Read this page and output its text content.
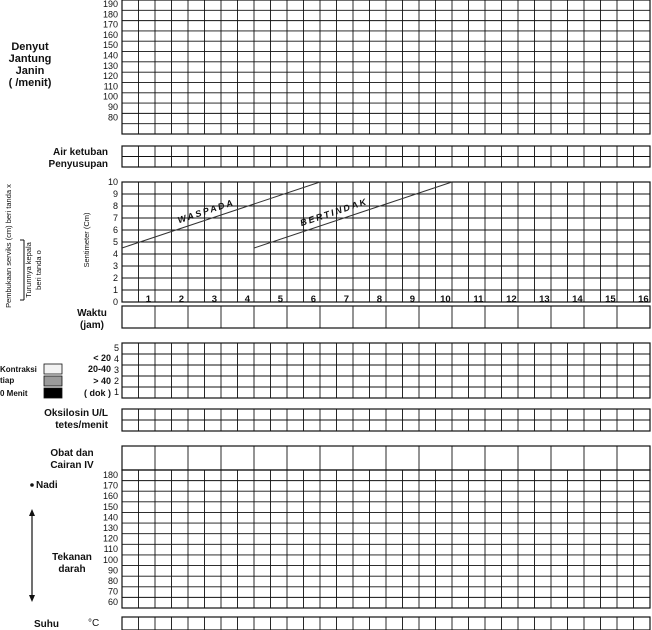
Denyut
Jantung
Janin
( /menit)
190
180
170
160
150
140
130
120
110
100
90
80
Air ketuban
Penyusupan
Pembukaan serviks (cm) beri tanda x Turunnya kepala beri tanda o
Sentimeter (Cm)
10
9
8
7
6
5
4
3
2
1
0
WASPADA	BERTINDAK
1	2	3	4	5	6	7	8	9	10 11 12 13 14 15 16
Waktu
(jam)
Kontraksi
tiap
0 Menit
< 20
20-40
> 40
( dok )
5
4
3
2
1
Oksilosin U/L
tetes/menit
Obat dan
Cairan IV
Nadi
Tekanan
darah
180
170
160
150
140
130
120
110
100
90
80
70
60
Suhu	°C
